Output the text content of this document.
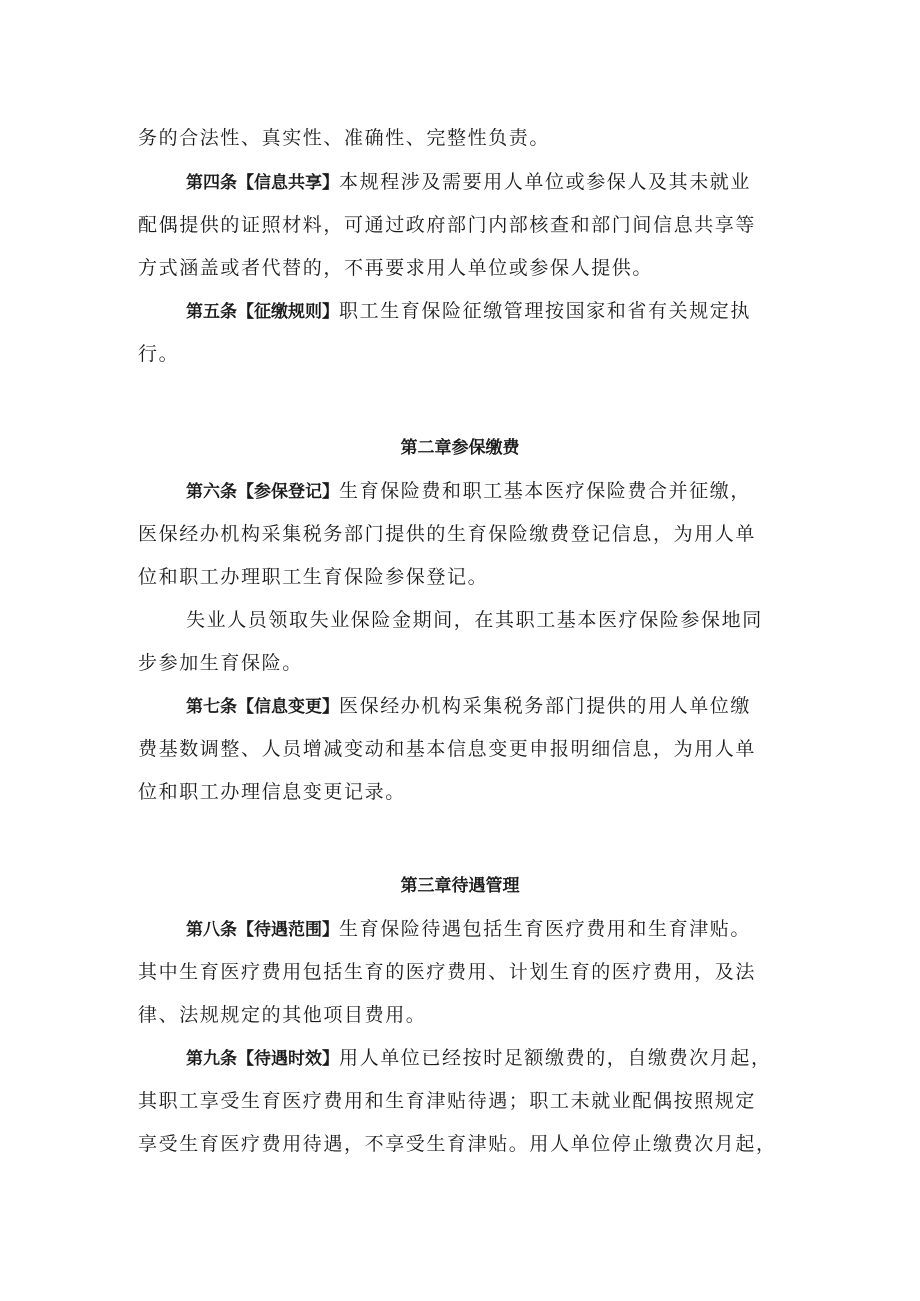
务的合法性、真实性、准确性、完整性负责。
第四条【信息共享】本规程涉及需要用人单位或参保人及其未就业
配偶提供的证照材料，可通过政府部门内部核查和部门间信息共享等
方式涵盖或者代替的，不再要求用人单位或参保人提供。
第五条【征缴规则】职工生育保险征缴管理按国家和省有关规定执
行。
第二章参保缴费
第六条【参保登记】生育保险费和职工基本医疗保险费合并征缴，
医保经办机构采集税务部门提供的生育保险缴费登记信息，为用人单
位和职工办理职工生育保险参保登记。
失业人员领取失业保险金期间，在其职工基本医疗保险参保地同
步参加生育保险。
第七条【信息变更】医保经办机构采集税务部门提供的用人单位缴
费基数调整、人员增减变动和基本信息变更申报明细信息，为用人单
位和职工办理信息变更记录。
第三章待遇管理
第八条【待遇范围】生育保险待遇包括生育医疗费用和生育津贴。
其中生育医疗费用包括生育的医疗费用、计划生育的医疗费用，及法
律、法规规定的其他项目费用。
第九条【待遇时效】用人单位已经按时足额缴费的，自缴费次月起，
其职工享受生育医疗费用和生育津贴待遇；职工未就业配偶按照规定
享受生育医疗费用待遇，不享受生育津贴。用人单位停止缴费次月起，
